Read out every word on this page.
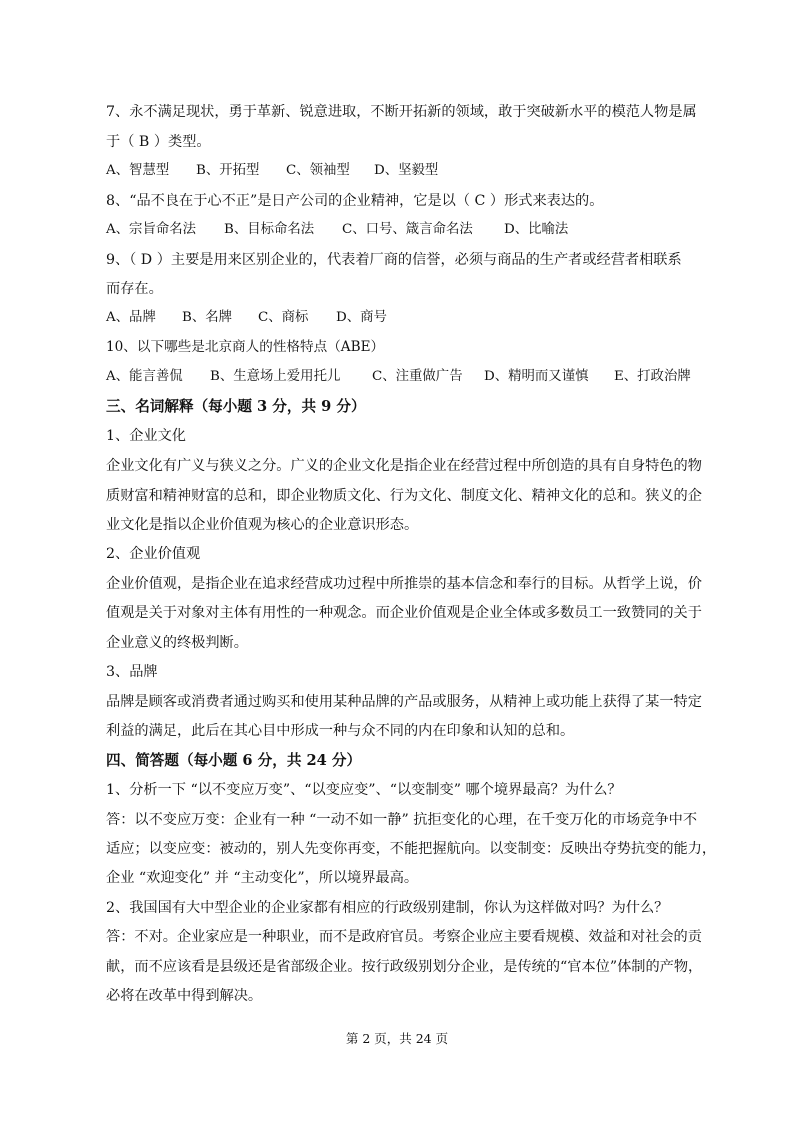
7、永不满足现状，勇于革新、锐意进取，不断开拓新的领域，敢于突破新水平的模范人物是属
于（ B ）类型。
A、智慧型 B、开拓型 C、领袖型 D、坚毅型
8、“品不良在于心不正”是日产公司的企业精神，它是以（ C ）形式来表达的。
A、宗旨命名法 B、目标命名法 C、口号、箴言命名法 D、比喻法
9、（ D ）主要是用来区别企业的，代表着厂商的信誉，必须与商品的生产者或经营者相联系
而存在。
A、品牌 B、名牌 C、商标 D、商号
10、以下哪些是北京商人的性格特点（ABE）
A、能言善侃 B、生意场上爱用托儿 C、注重做广告 D、精明而又谨慎 E、打政治牌
三、名词解释（每小题 3 分，共 9 分）
1、企业文化
企业文化有广义与狭义之分。广义的企业文化是指企业在经营过程中所创造的具有自身特色的物
质财富和精神财富的总和，即企业物质文化、行为文化、制度文化、精神文化的总和。狭义的企
业文化是指以企业价值观为核心的企业意识形态。
2、企业价值观
企业价值观，是指企业在追求经营成功过程中所推崇的基本信念和奉行的目标。从哲学上说，价
值观是关于对象对主体有用性的一种观念。而企业价值观是企业全体或多数员工一致赞同的关于
企业意义的终极判断。
3、品牌
品牌是顾客或消费者通过购买和使用某种品牌的产品或服务，从精神上或功能上获得了某一特定
利益的满足，此后在其心目中形成一种与众不同的内在印象和认知的总和。
四、简答题（每小题 6 分，共 24 分）
1、分析一下 “以不变应万变”、“以变应变”、“以变制变” 哪个境界最高？为什么？
答：以不变应万变：企业有一种 “一动不如一静” 抗拒变化的心理，在千变万化的市场竞争中不
适应；以变应变：被动的，别人先变你再变，不能把握航向。以变制变：反映出夺势抗变的能力，
企业 “欢迎变化” 并 “主动变化”，所以境界最高。
2、我国国有大中型企业的企业家都有相应的行政级别建制，你认为这样做对吗？为什么？
答：不对。企业家应是一种职业，而不是政府官员。考察企业应主要看规模、效益和对社会的贡
献，而不应该看是县级还是省部级企业。按行政级别划分企业，是传统的“官本位”体制的产物，
必将在改革中得到解决。
第 2 页，共 24 页
